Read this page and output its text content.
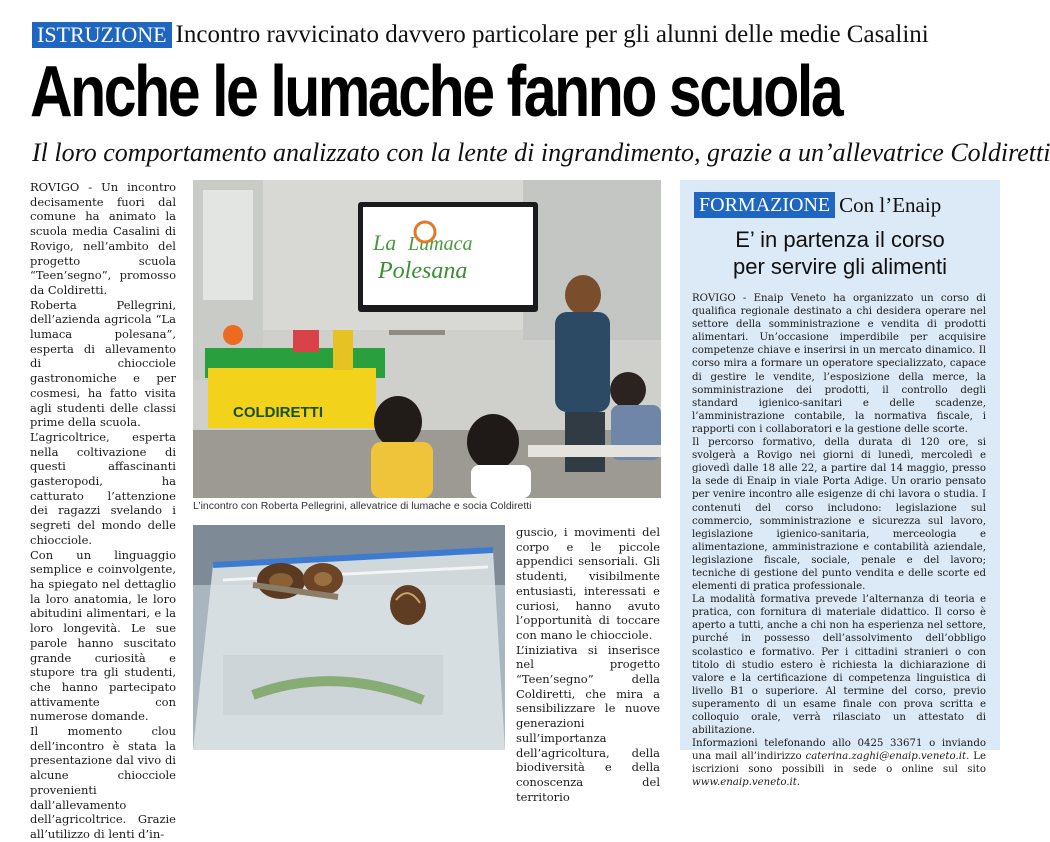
ISTRUZIONE Incontro ravvicinato davvero particolare per gli alunni delle medie Casalini
Anche le lumache fanno scuola
Il loro comportamento analizzato con la lente di ingrandimento, grazie a un’allevatrice Coldiretti

ROVIGO - Un incontro decisamente fuori dal comune ha animato la scuola media Casalini di Rovigo, nell’ambito del progetto scuola “Teen’segno”, promosso da Coldiretti.

Roberta Pellegrini, dell’azienda agricola “La lumaca polesana”, esperta di allevamento di chiocciole gastronomiche e per cosmesi, ha fatto visita agli studenti delle classi prime della scuola.

L’agricoltrice, esperta nella coltivazione di questi affascinanti gasteropodi, ha catturato l’attenzione dei ragazzi svelando i segreti del mondo delle chiocciole.

Con un linguaggio semplice e coinvolgente, ha spiegato nel dettaglio la loro anatomia, le loro abitudini alimentari, e la loro longevità. Le sue parole hanno suscitato grande curiosità e stupore tra gli studenti, che hanno partecipato attivamente con numerose domande.

Il momento clou dell’incontro è stata la presentazione dal vivo di alcune chiocciole provenienti dall’allevamento dell’agricoltrice. Grazie all’utilizzo di lenti d’in-

La Lumaca
Polesana
COLDIRETTI
L’incontro con Roberta Pellegrini, allevatrice di lumache e socia Coldiretti

guscio, i movimenti del corpo e le piccole appendici sensoriali. Gli studenti, visibilmente entusiasti, interessati e curiosi, hanno avuto l’opportunità di toccare con mano le chiocciole.

L’iniziativa si inserisce nel progetto “Teen’segno” della Coldiretti, che mira a sensibilizzare le nuove generazioni sull’importanza dell’agricoltura, della biodiversità e della conoscenza del territorio

FORMAZIONE Con l’Enaip
E’ in partenza il corso
per servire gli alimenti

ROVIGO - Enaip Veneto ha organizzato un corso di qualifica regionale destinato a chi desidera operare nel settore della somministrazione e vendita di prodotti alimentari. Un’occasione imperdibile per acquisire competenze chiave e inserirsi in un mercato dinamico. Il corso mira a formare un operatore specializzato, capace di gestire le vendite, l’esposizione della merce, la somministrazione dei prodotti, il controllo degli standard igienico-sanitari e delle scadenze, l’amministrazione contabile, la normativa fiscale, i rapporti con i collaboratori e la gestione delle scorte.

Il percorso formativo, della durata di 120 ore, si svolgerà a Rovigo nei giorni di lunedì, mercoledì e giovedì dalle 18 alle 22, a partire dal 14 maggio, presso la sede di Enaip in viale Porta Adige. Un orario pensato per venire incontro alle esigenze di chi lavora o studia. I contenuti del corso includono: legislazione sul commercio, somministrazione e sicurezza sul lavoro, legislazione igienico-sanitaria, merceologia e alimentazione, amministrazione e contabilità aziendale, legislazione fiscale, sociale, penale e del lavoro; tecniche di gestione del punto vendita e delle scorte ed elementi di pratica professionale.

La modalità formativa prevede l’alternanza di teoria e pratica, con fornitura di materiale didattico. Il corso è aperto a tutti, anche a chi non ha esperienza nel settore, purché in possesso dell’assolvimento dell’obbligo scolastico e formativo. Per i cittadini stranieri o con titolo di studio estero è richiesta la dichiarazione di valore e la certificazione di competenza linguistica di livello B1 o superiore. Al termine del corso, previo superamento di un esame finale con prova scritta e colloquio orale, verrà rilasciato un attestato di abilitazione.

Informazioni telefonando allo 0425 33671 o inviando una mail all’indirizzo caterina.zaghi@enaip.veneto.it. Le iscrizioni sono possibili in sede o online sul sito www.enaip.veneto.it.
